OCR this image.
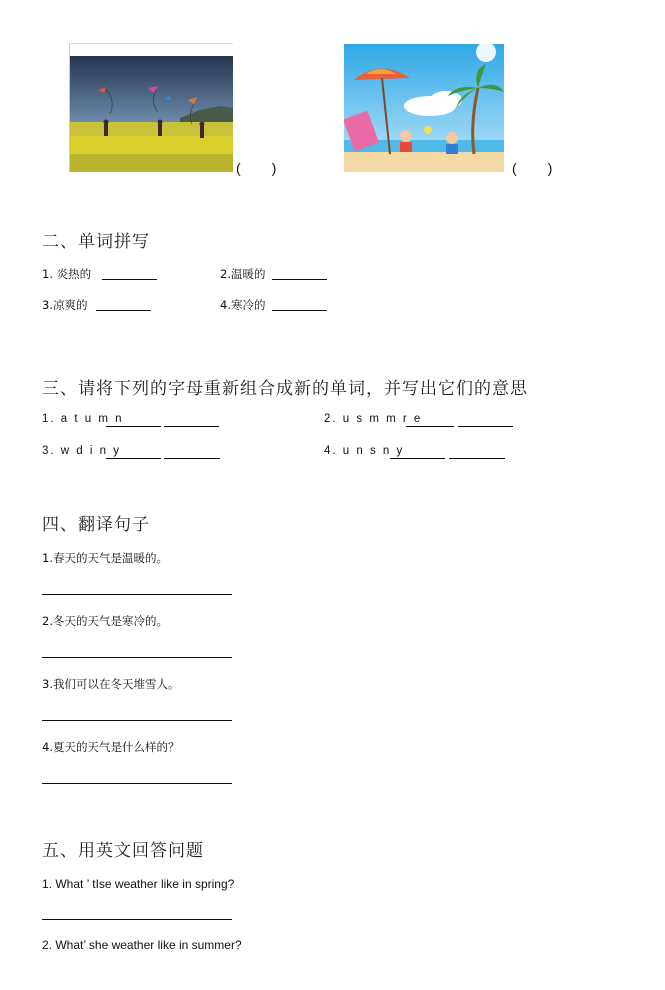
(        )	(        )
二、单词拼写
1. 炎热的	2.温暖的
3.凉爽的	4.寒冷的
三、请将下列的字母重新组合成新的单词，并写出它们的意思
1. a t u m n	2. u s m m r e
3. w d i n y	4. u n s n y
四、翻译句子
1.春天的天气是温暖的。
2.冬天的天气是寒冷的。
3.我们可以在冬天堆雪人。
4.夏天的天气是什么样的？
五、用英文回答问题
1. What ’ tIse weather like in spring?
2. What’ she weather like in summer?
